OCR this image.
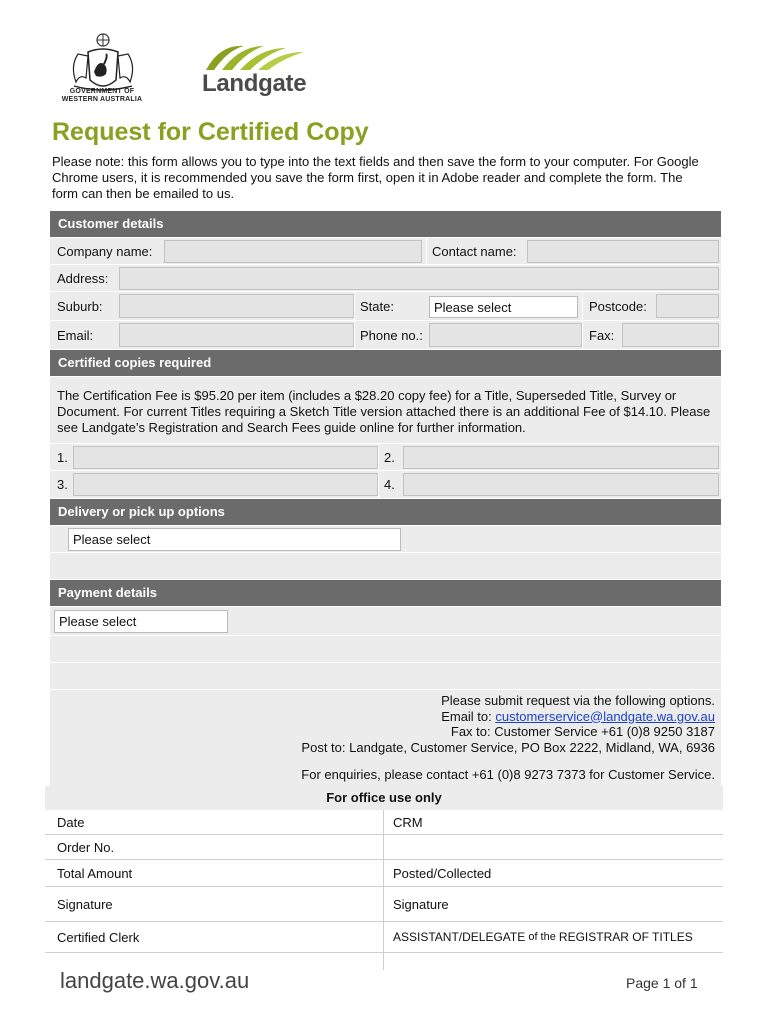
GOVERNMENT OF
WESTERN AUSTRALIA
Landgate
Request for Certified Copy
Please note: this form allows you to type into the text fields and then save the form to your computer. For Google Chrome users, it is recommended you save the form first, open it in Adobe reader and complete the form. The form can then be emailed to us.
Customer details
Company name:	Contact name:
Address:
Suburb:	State:	Please select	Postcode:
Email:	Phone no.:	Fax:
Certified copies required
The Certification Fee is $95.20 per item (includes a $28.20 copy fee) for a Title, Superseded Title, Survey or Document. For current Titles requiring a Sketch Title version attached there is an additional Fee of $14.10. Please see Landgate’s Registration and Search Fees guide online for further information.
1.	2.
3.	4.
Delivery or pick up options
Please select
Payment details
Please select
Please submit request via the following options.
Email to: customerservice@landgate.wa.gov.au
Fax to: Customer Service +61 (0)8 9250 3187
Post to: Landgate, Customer Service, PO Box 2222, Midland, WA, 6936
For enquiries, please contact +61 (0)8 9273 7373 for Customer Service.
For office use only
Date	CRM
Order No.
Total Amount	Posted/Collected
Signature	Signature
Certified Clerk	ASSISTANT/DELEGATE of the REGISTRAR OF TITLES
landgate.wa.gov.au	Page 1 of 1
